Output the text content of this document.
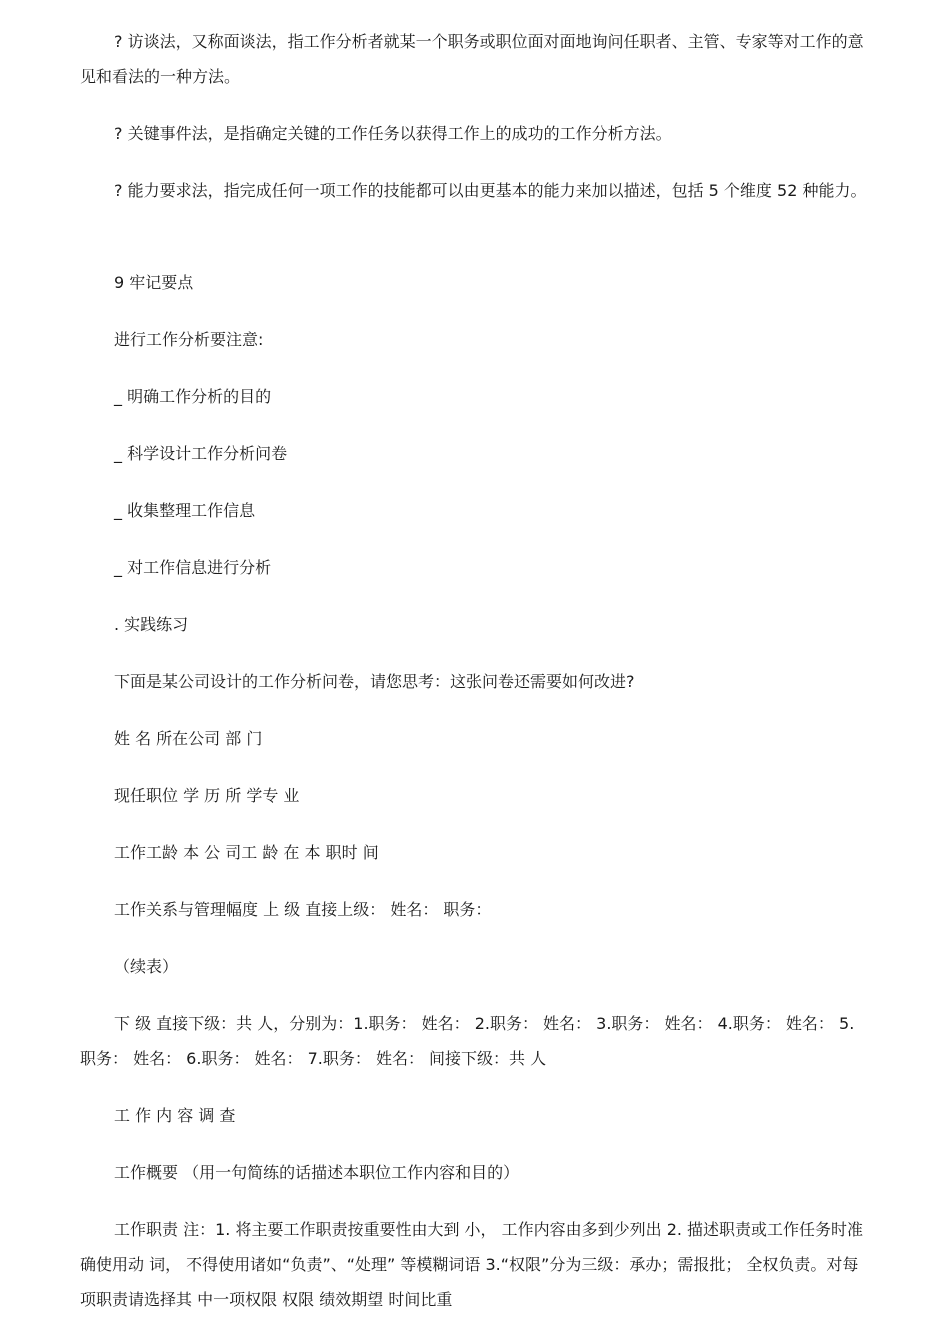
? 访谈法，又称面谈法，指工作分析者就某一个职务或职位面对面地询问任职者、主管、专家等对工作的意见和看法的一种方法。

? 关键事件法，是指确定关键的工作任务以获得工作上的成功的工作分析方法。

? 能力要求法，指完成任何一项工作的技能都可以由更基本的能力来加以描述，包括 5 个维度 52 种能力。

9 牢记要点

进行工作分析要注意:

_ 明确工作分析的目的

_ 科学设计工作分析问卷

_ 收集整理工作信息

_ 对工作信息进行分析

. 实践练习

下面是某公司设计的工作分析问卷，请您思考：这张问卷还需要如何改进?

姓 名 所在公司 部 门

现任职位 学 历 所 学专 业

工作工龄 本 公 司工 龄 在 本 职时 间

工作关系与管理幅度 上 级 直接上级： 姓名： 职务：

（续表）

下 级 直接下级：共 人，分别为：1.职务： 姓名： 2.职务： 姓名： 3.职务： 姓名： 4.职务： 姓名： 5.职务： 姓名： 6.职务： 姓名： 7.职务： 姓名： 间接下级：共 人

工 作 内 容 调 查

工作概要 （用一句简练的话描述本职位工作内容和目的）

工作职责 注：1. 将主要工作职责按重要性由大到 小， 工作内容由多到少列出 2. 描述职责或工作任务时准确使用动 词， 不得使用诸如“负责”、“处理” 等模糊词语 3.“权限”分为三级：承办；需报批； 全权负责。对每项职责请选择其 中一项权限 权限 绩效期望 时间比重
